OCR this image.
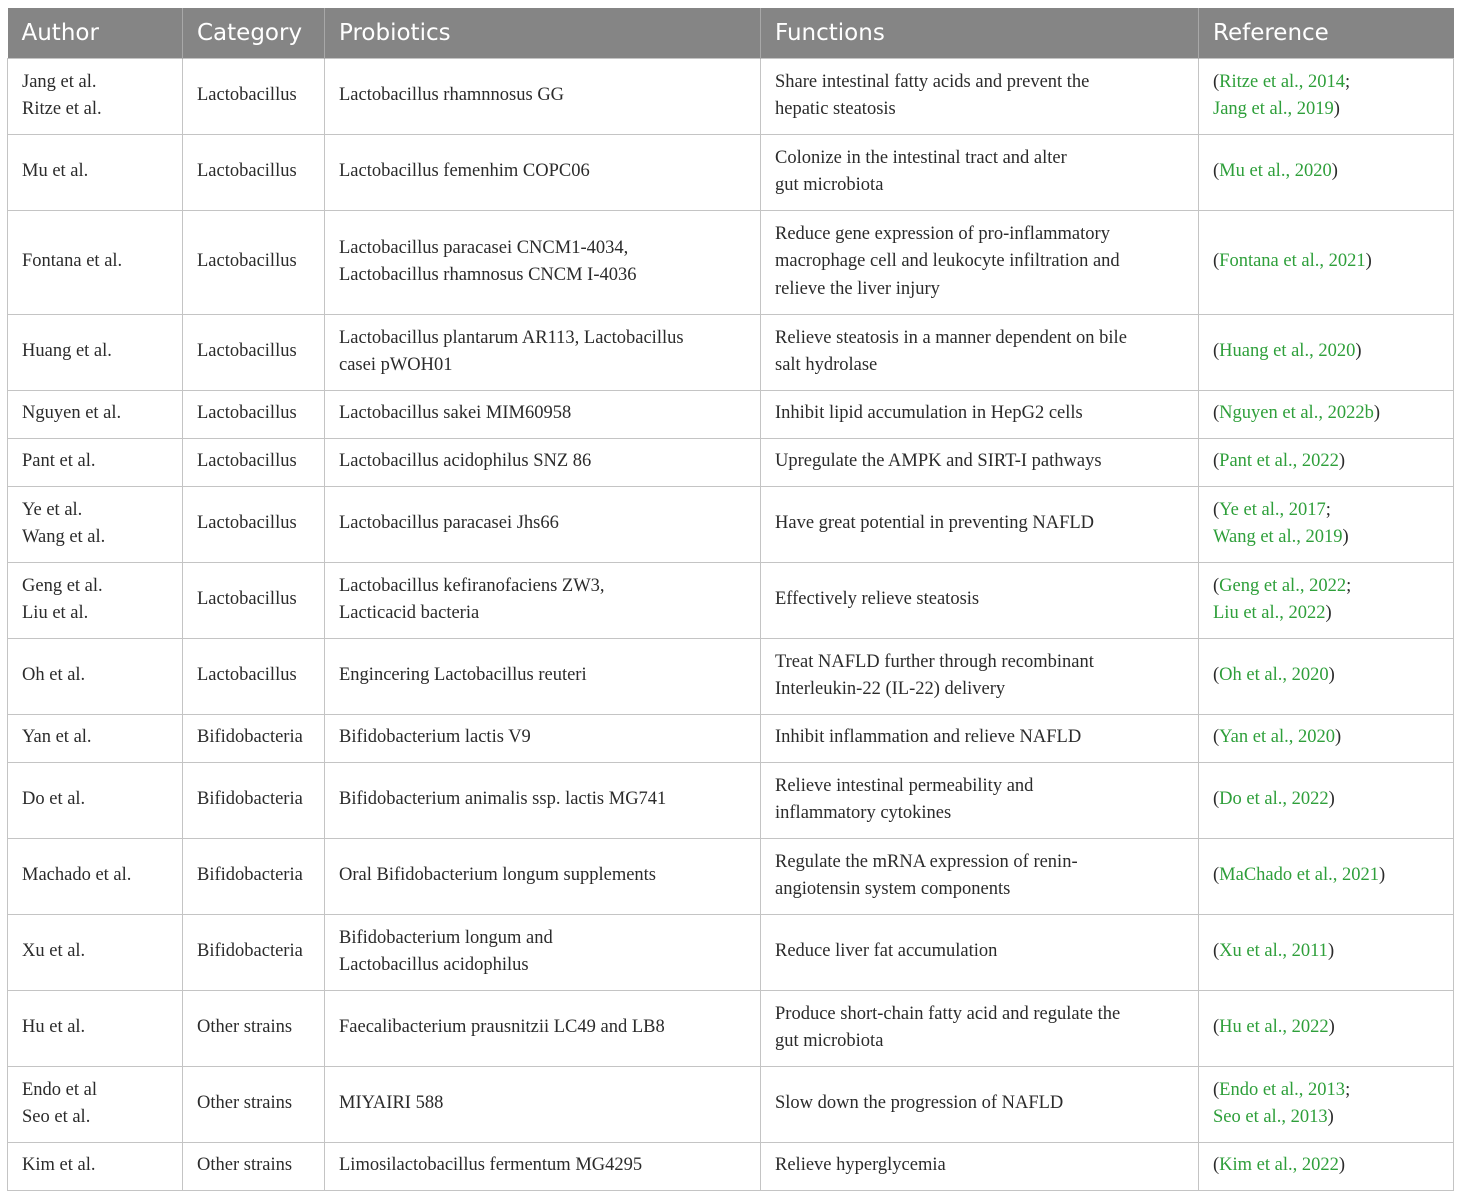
Author	Category	Probiotics	Functions	Reference

Jang et al.
Ritze et al.	Lactobacillus	Lactobacillus rhamnnosus GG	Share intestinal fatty acids and prevent the
hepatic steatosis	(Ritze et al., 2014;
Jang et al., 2019)

Mu et al.	Lactobacillus	Lactobacillus femenhim COPC06	Colonize in the intestinal tract and alter
gut microbiota	(Mu et al., 2020)

Fontana et al.	Lactobacillus	Lactobacillus paracasei CNCM1-4034,
Lactobacillus rhamnosus CNCM I-4036	Reduce gene expression of pro-inflammatory
macrophage cell and leukocyte infiltration and
relieve the liver injury	(Fontana et al., 2021)

Huang et al.	Lactobacillus	Lactobacillus plantarum AR113, Lactobacillus
casei pWOH01	Relieve steatosis in a manner dependent on bile
salt hydrolase	(Huang et al., 2020)

Nguyen et al.	Lactobacillus	Lactobacillus sakei MIM60958	Inhibit lipid accumulation in HepG2 cells	(Nguyen et al., 2022b)

Pant et al.	Lactobacillus	Lactobacillus acidophilus SNZ 86	Upregulate the AMPK and SIRT-I pathways	(Pant et al., 2022)

Ye et al.
Wang et al.	Lactobacillus	Lactobacillus paracasei Jhs66	Have great potential in preventing NAFLD	(Ye et al., 2017;
Wang et al., 2019)

Geng et al.
Liu et al.	Lactobacillus	Lactobacillus kefiranofaciens ZW3,
Lacticacid bacteria	Effectively relieve steatosis	(Geng et al., 2022;
Liu et al., 2022)

Oh et al.	Lactobacillus	Engincering Lactobacillus reuteri	Treat NAFLD further through recombinant
Interleukin-22 (IL-22) delivery	(Oh et al., 2020)

Yan et al.	Bifidobacteria	Bifidobacterium lactis V9	Inhibit inflammation and relieve NAFLD	(Yan et al., 2020)

Do et al.	Bifidobacteria	Bifidobacterium animalis ssp. lactis MG741	Relieve intestinal permeability and
inflammatory cytokines	(Do et al., 2022)

Machado et al.	Bifidobacteria	Oral Bifidobacterium longum supplements	Regulate the mRNA expression of renin-
angiotensin system components	(MaChado et al., 2021)

Xu et al.	Bifidobacteria	Bifidobacterium longum and
Lactobacillus acidophilus	Reduce liver fat accumulation	(Xu et al., 2011)

Hu et al.	Other strains	Faecalibacterium prausnitzii LC49 and LB8	Produce short-chain fatty acid and regulate the
gut microbiota	(Hu et al., 2022)

Endo et al
Seo et al.	Other strains	MIYAIRI 588	Slow down the progression of NAFLD	(Endo et al., 2013;
Seo et al., 2013)

Kim et al.	Other strains	Limosilactobacillus fermentum MG4295	Relieve hyperglycemia	(Kim et al., 2022)
